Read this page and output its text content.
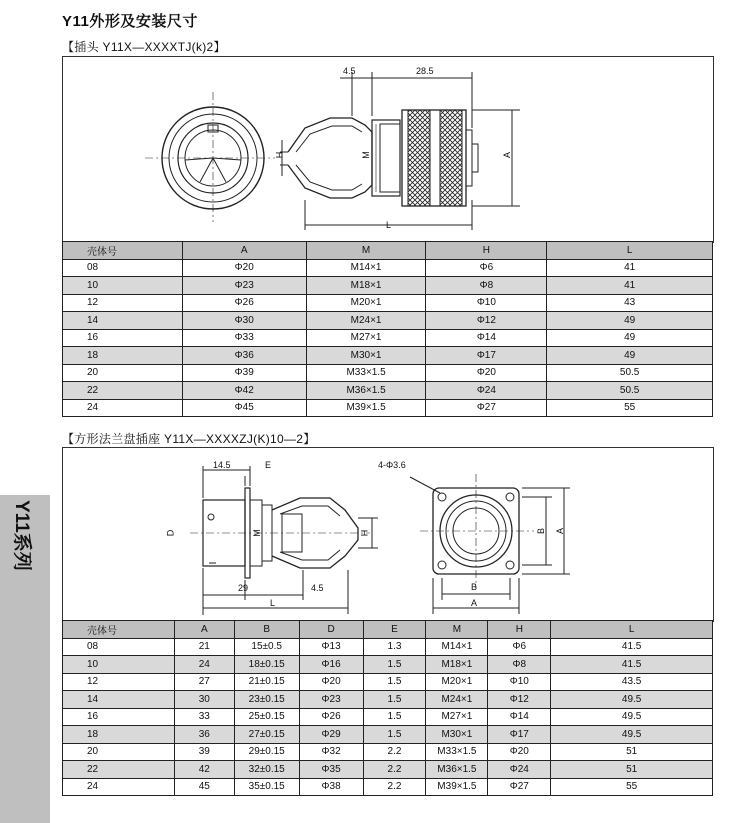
Y11外形及安装尺寸
Y11系列
【插头 Y11X—XXXXTJ(k)2】
4.5	28.5
H	M	A
L
壳体号	A	M	H	L
08	Φ20	M14×1	Φ6	41
10	Φ23	M18×1	Φ8	41
12	Φ26	M20×1	Φ10	43
14	Φ30	M24×1	Φ12	49
16	Φ33	M27×1	Φ14	49
18	Φ36	M30×1	Φ17	49
20	Φ39	M33×1.5	Φ20	50.5
22	Φ42	M36×1.5	Φ24	50.5
24	Φ45	M39×1.5	Φ27	55
【方形法兰盘插座 Y11X—XXXXZJ(K)10—2】
14.5	E
D	M	H
29	4.5
L
4-Φ3.6
B
A
B A
壳体号	A	B	D	E	M	H	L
08	21	15±0.5	Φ13	1.3	M14×1	Φ6	41.5
10	24	18±0.15	Φ16	1.5	M18×1	Φ8	41.5
12	27	21±0.15	Φ20	1.5	M20×1	Φ10	43.5
14	30	23±0.15	Φ23	1.5	M24×1	Φ12	49.5
16	33	25±0.15	Φ26	1.5	M27×1	Φ14	49.5
18	36	27±0.15	Φ29	1.5	M30×1	Φ17	49.5
20	39	29±0.15	Φ32	2.2	M33×1.5	Φ20	51
22	42	32±0.15	Φ35	2.2	M36×1.5	Φ24	51
24	45	35±0.15	Φ38	2.2	M39×1.5	Φ27	55
